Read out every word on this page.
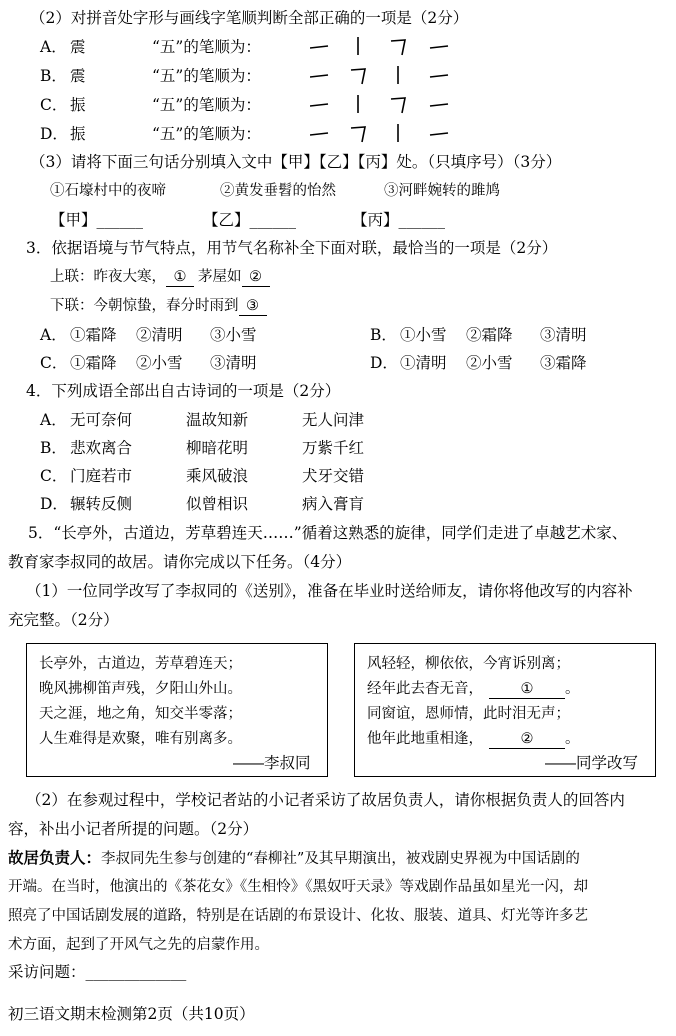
（2）对拼音处字形与画线字笔顺判断全部正确的一项是（2分）
A． 震	“五”的笔顺为：
B． 震	“五”的笔顺为：
C． 振	“五”的笔顺为：
D． 振	“五”的笔顺为：
（3）请将下面三句话分别填入文中【甲】【乙】【丙】处。（只填序号）（3分）
①石壕村中的夜啼	②黄发垂髫的怡然	③河畔婉转的雎鸠
【甲】______	【乙】______	【丙】______
3．依据语境与节气特点，用节气名称补全下面对联，最恰当的一项是（2分）
上联：昨夜大寒， ① 茅屋如 ②
下联：今朝惊蛰，春分时雨到 ③
A． ①霜降 ②清明 ③小雪	B． ①小雪 ②霜降 ③清明
C． ①霜降 ②小雪 ③清明	D． ①清明 ②小雪 ③霜降
4．下列成语全部出自古诗词的一项是（2分）
A． 无可奈何	温故知新	无人问津
B． 悲欢离合	柳暗花明	万紫千红
C． 门庭若市	乘风破浪	犬牙交错
D． 辗转反侧	似曾相识	病入膏肓
5．“长亭外，古道边，芳草碧连天……”循着这熟悉的旋律，同学们走进了卓越艺术家、
教育家李叔同的故居。请你完成以下任务。（4分）
（1）一位同学改写了李叔同的《送别》，准备在毕业时送给师友，请你将他改写的内容补
充完整。（2分）
长亭外，古道边，芳草碧连天；
晚风拂柳笛声残，夕阳山外山。
天之涯，地之角，知交半零落；
人生难得是欢聚，唯有别离多。
——李叔同
风轻轻，柳依依，今宵诉别离；
经年此去杳无音，	① 。
同窗谊，恩师情，此时泪无声；
他年此地重相逢，	② 。
——同学改写
（2）在参观过程中，学校记者站的小记者采访了故居负责人，请你根据负责人的回答内
容，补出小记者所提的问题。（2分）
故居负责人：李叔同先生参与创建的“春柳社”及其早期演出，被戏剧史界视为中国话剧的
开端。在当时，他演出的《茶花女》《生相怜》《黑奴吁天录》等戏剧作品虽如星光一闪，却
照亮了中国话剧发展的道路，特别是在话剧的布景设计、化妆、服装、道具、灯光等许多艺
术方面，起到了开风气之先的启蒙作用。
采访问题：_____________
初三语文期末检测第2页（共10页）
